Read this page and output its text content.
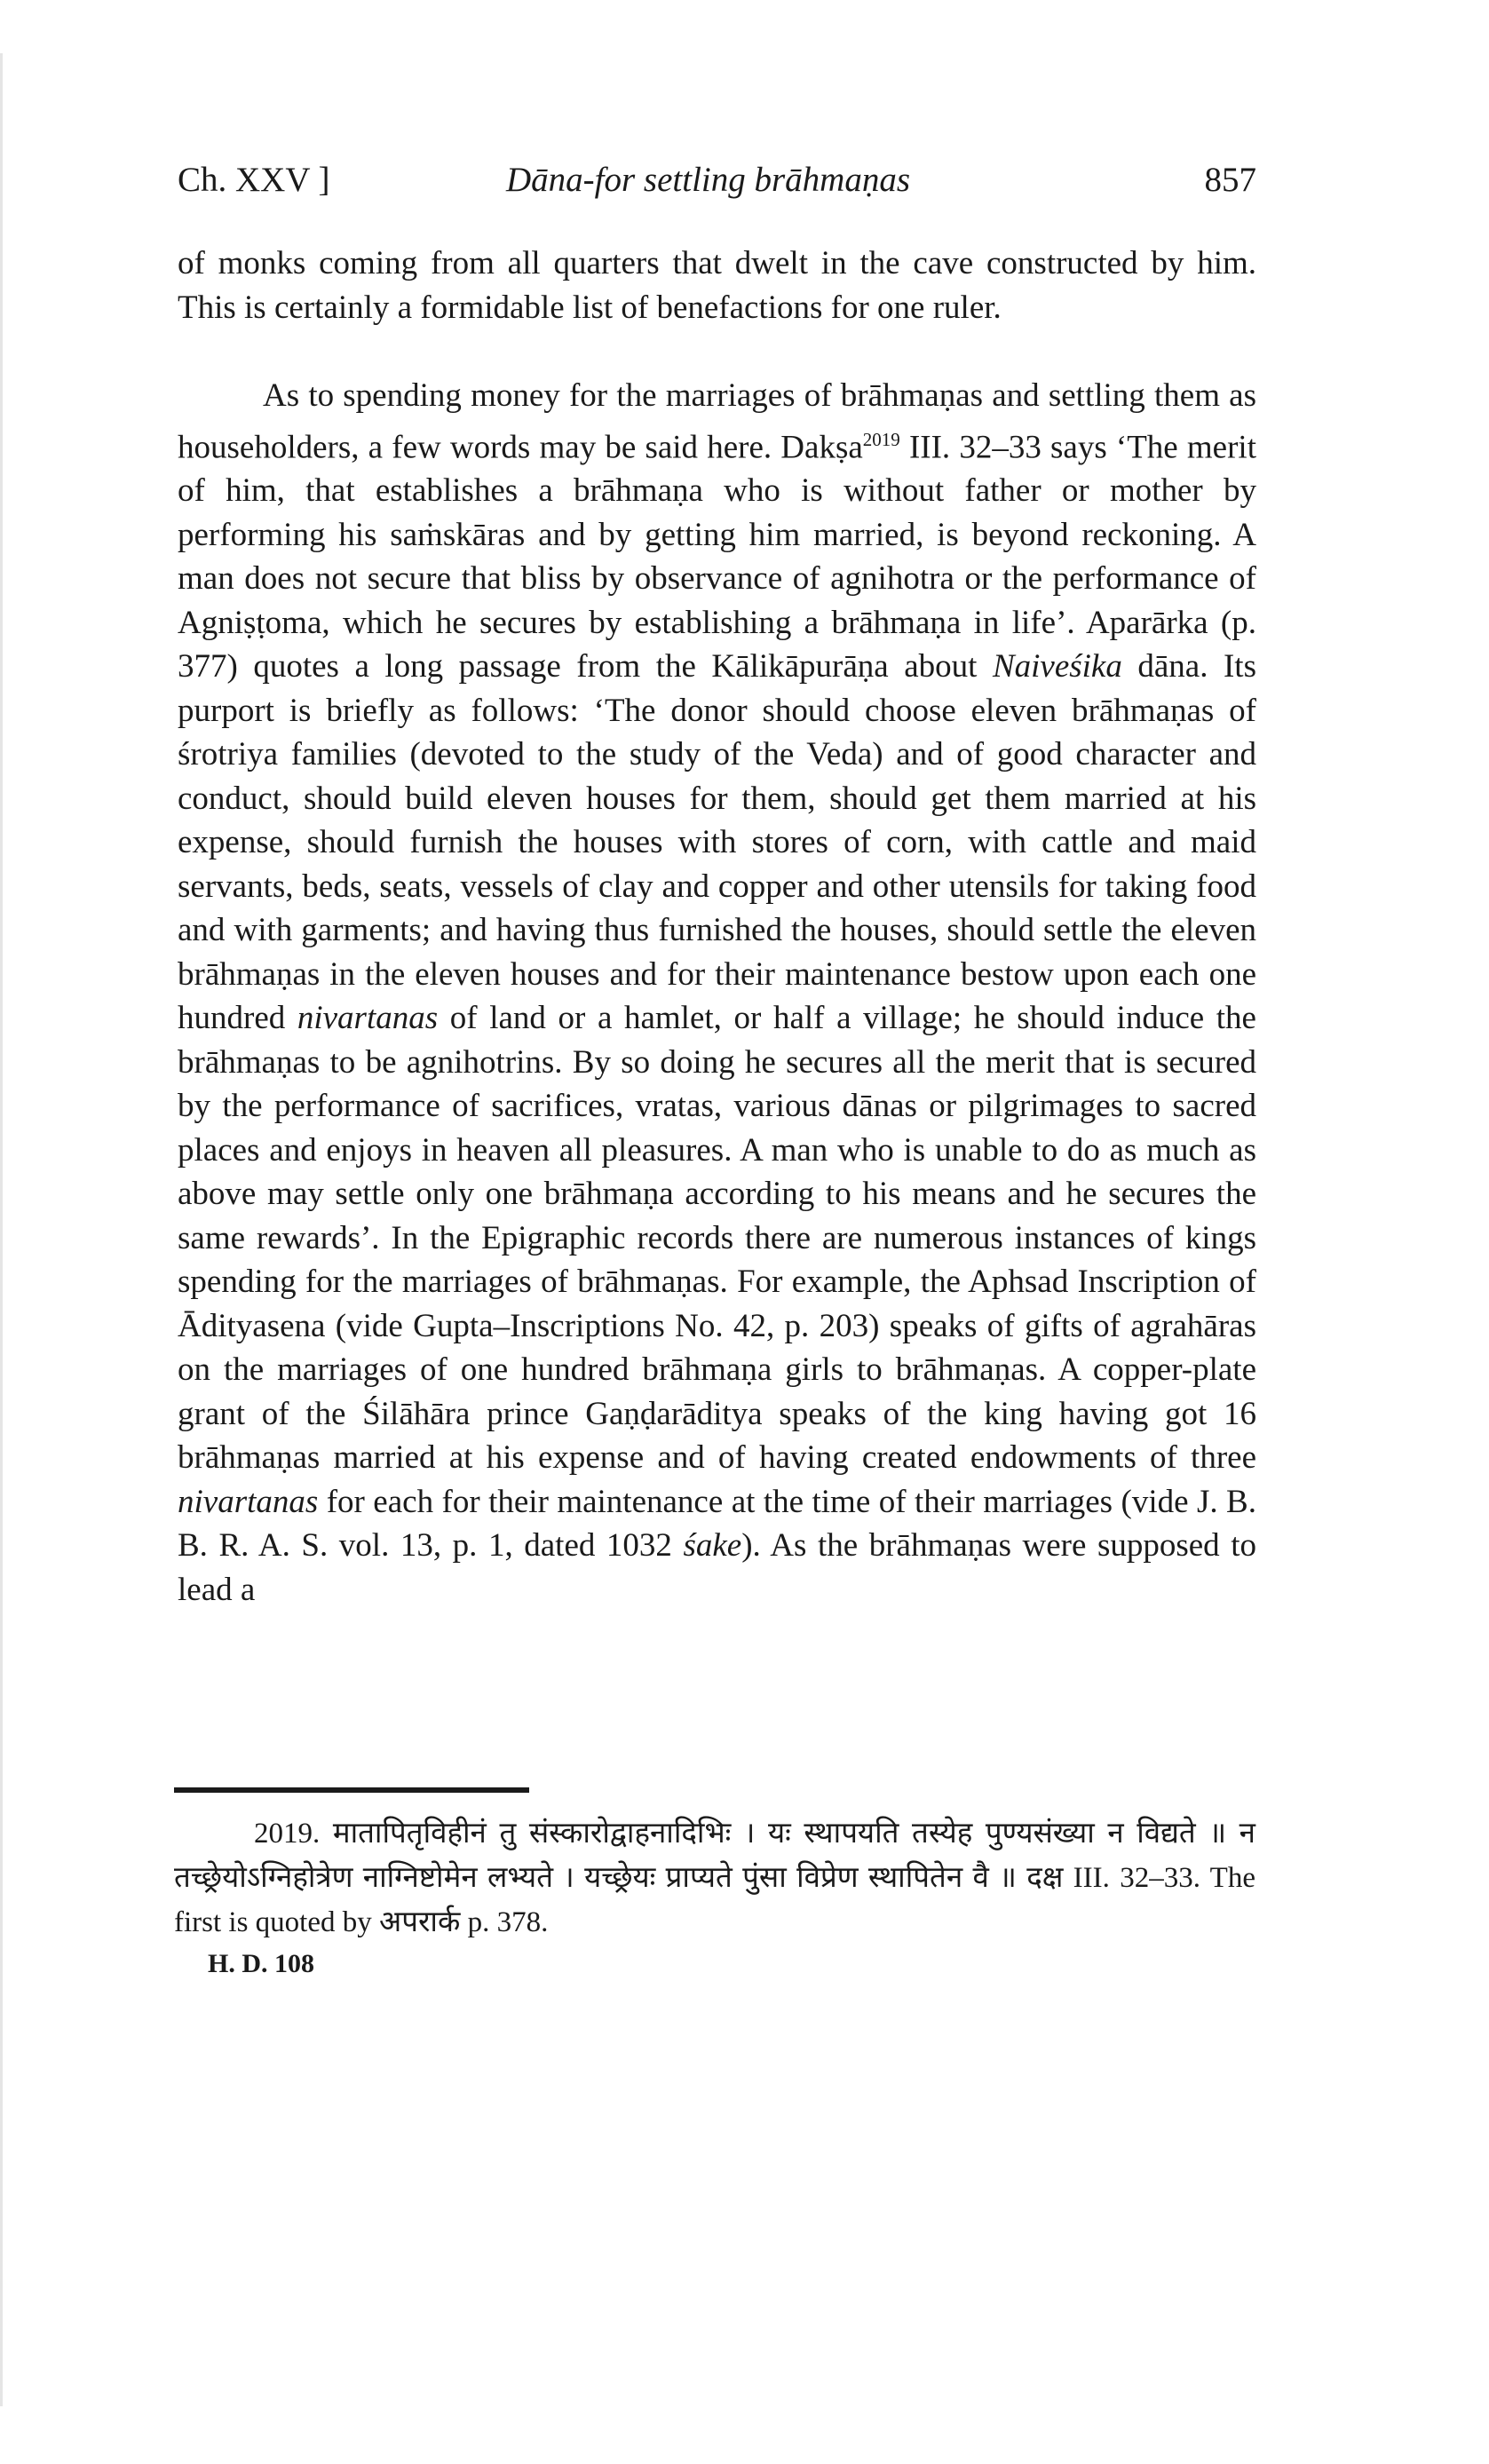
Ch. XXV ]	Dāna-for settling brāhmaṇas	857

of monks coming from all quarters that dwelt in the cave constructed by him. This is certainly a formidable list of benefactions for one ruler.

As to spending money for the marriages of brāhmaṇas and settling them as householders, a few words may be said here. Dakṣa$^{2019}$ III. 32–33 says ‘The merit of him, that establishes a brāhmaṇa who is without father or mother by performing his saṁskāras and by getting him married, is beyond reckoning. A man does not secure that bliss by observance of agnihotra or the performance of Agniṣṭoma, which he secures by establishing a brāhmaṇa in life’. Aparārka (p. 377) quotes a long passage from the Kālikāpurāṇa about Naiveśika dāna. Its purport is briefly as follows: ‘The donor should choose eleven brāhmaṇas of śrotriya families (devoted to the study of the Veda) and of good character and conduct, should build eleven houses for them, should get them married at his expense, should furnish the houses with stores of corn, with cattle and maid servants, beds, seats, vessels of clay and copper and other utensils for taking food and with garments; and having thus furnished the houses, should settle the eleven brāhmaṇas in the eleven houses and for their maintenance bestow upon each one hundred nivartanas of land or a hamlet, or half a village; he should induce the brāhmaṇas to be agnihotrins. By so doing he secures all the merit that is secured by the performance of sacrifices, vratas, various dānas or pilgrimages to sacred places and enjoys in heaven all pleasures. A man who is unable to do as much as above may settle only one brāhmaṇa according to his means and he secures the same rewards’. In the Epigraphic records there are numerous instances of kings spending for the marriages of brāhmaṇas. For example, the Aphsad Inscription of Ādityasena (vide Gupta–Inscriptions No. 42, p. 203) speaks of gifts of agrahāras on the marriages of one hundred brāhmaṇa girls to brāhmaṇas. A copper-plate grant of the Śilāhāra prince Gaṇḍarāditya speaks of the king having got 16 brāhmaṇas married at his expense and of having created endowments of three nivartanas for each for their maintenance at the time of their marriages (vide J. B. B. R. A. S. vol. 13, p. 1, dated 1032 śake). As the brāhmaṇas were supposed to lead a

2019. मातापितृविहीनं तु संस्कारोद्वाहनादिभिः । यः स्थापयति तस्येह पुण्यसंख्या न विद्यते ॥ न तच्छ्रेयोऽग्निहोत्रेण नाग्निष्टोमेन लभ्यते । यच्छ्रेयः प्राप्यते पुंसा विप्रेण स्थापितेन वै ॥ दक्ष III. 32–33. The first is quoted by अपरार्क p. 378.
H. D. 108
